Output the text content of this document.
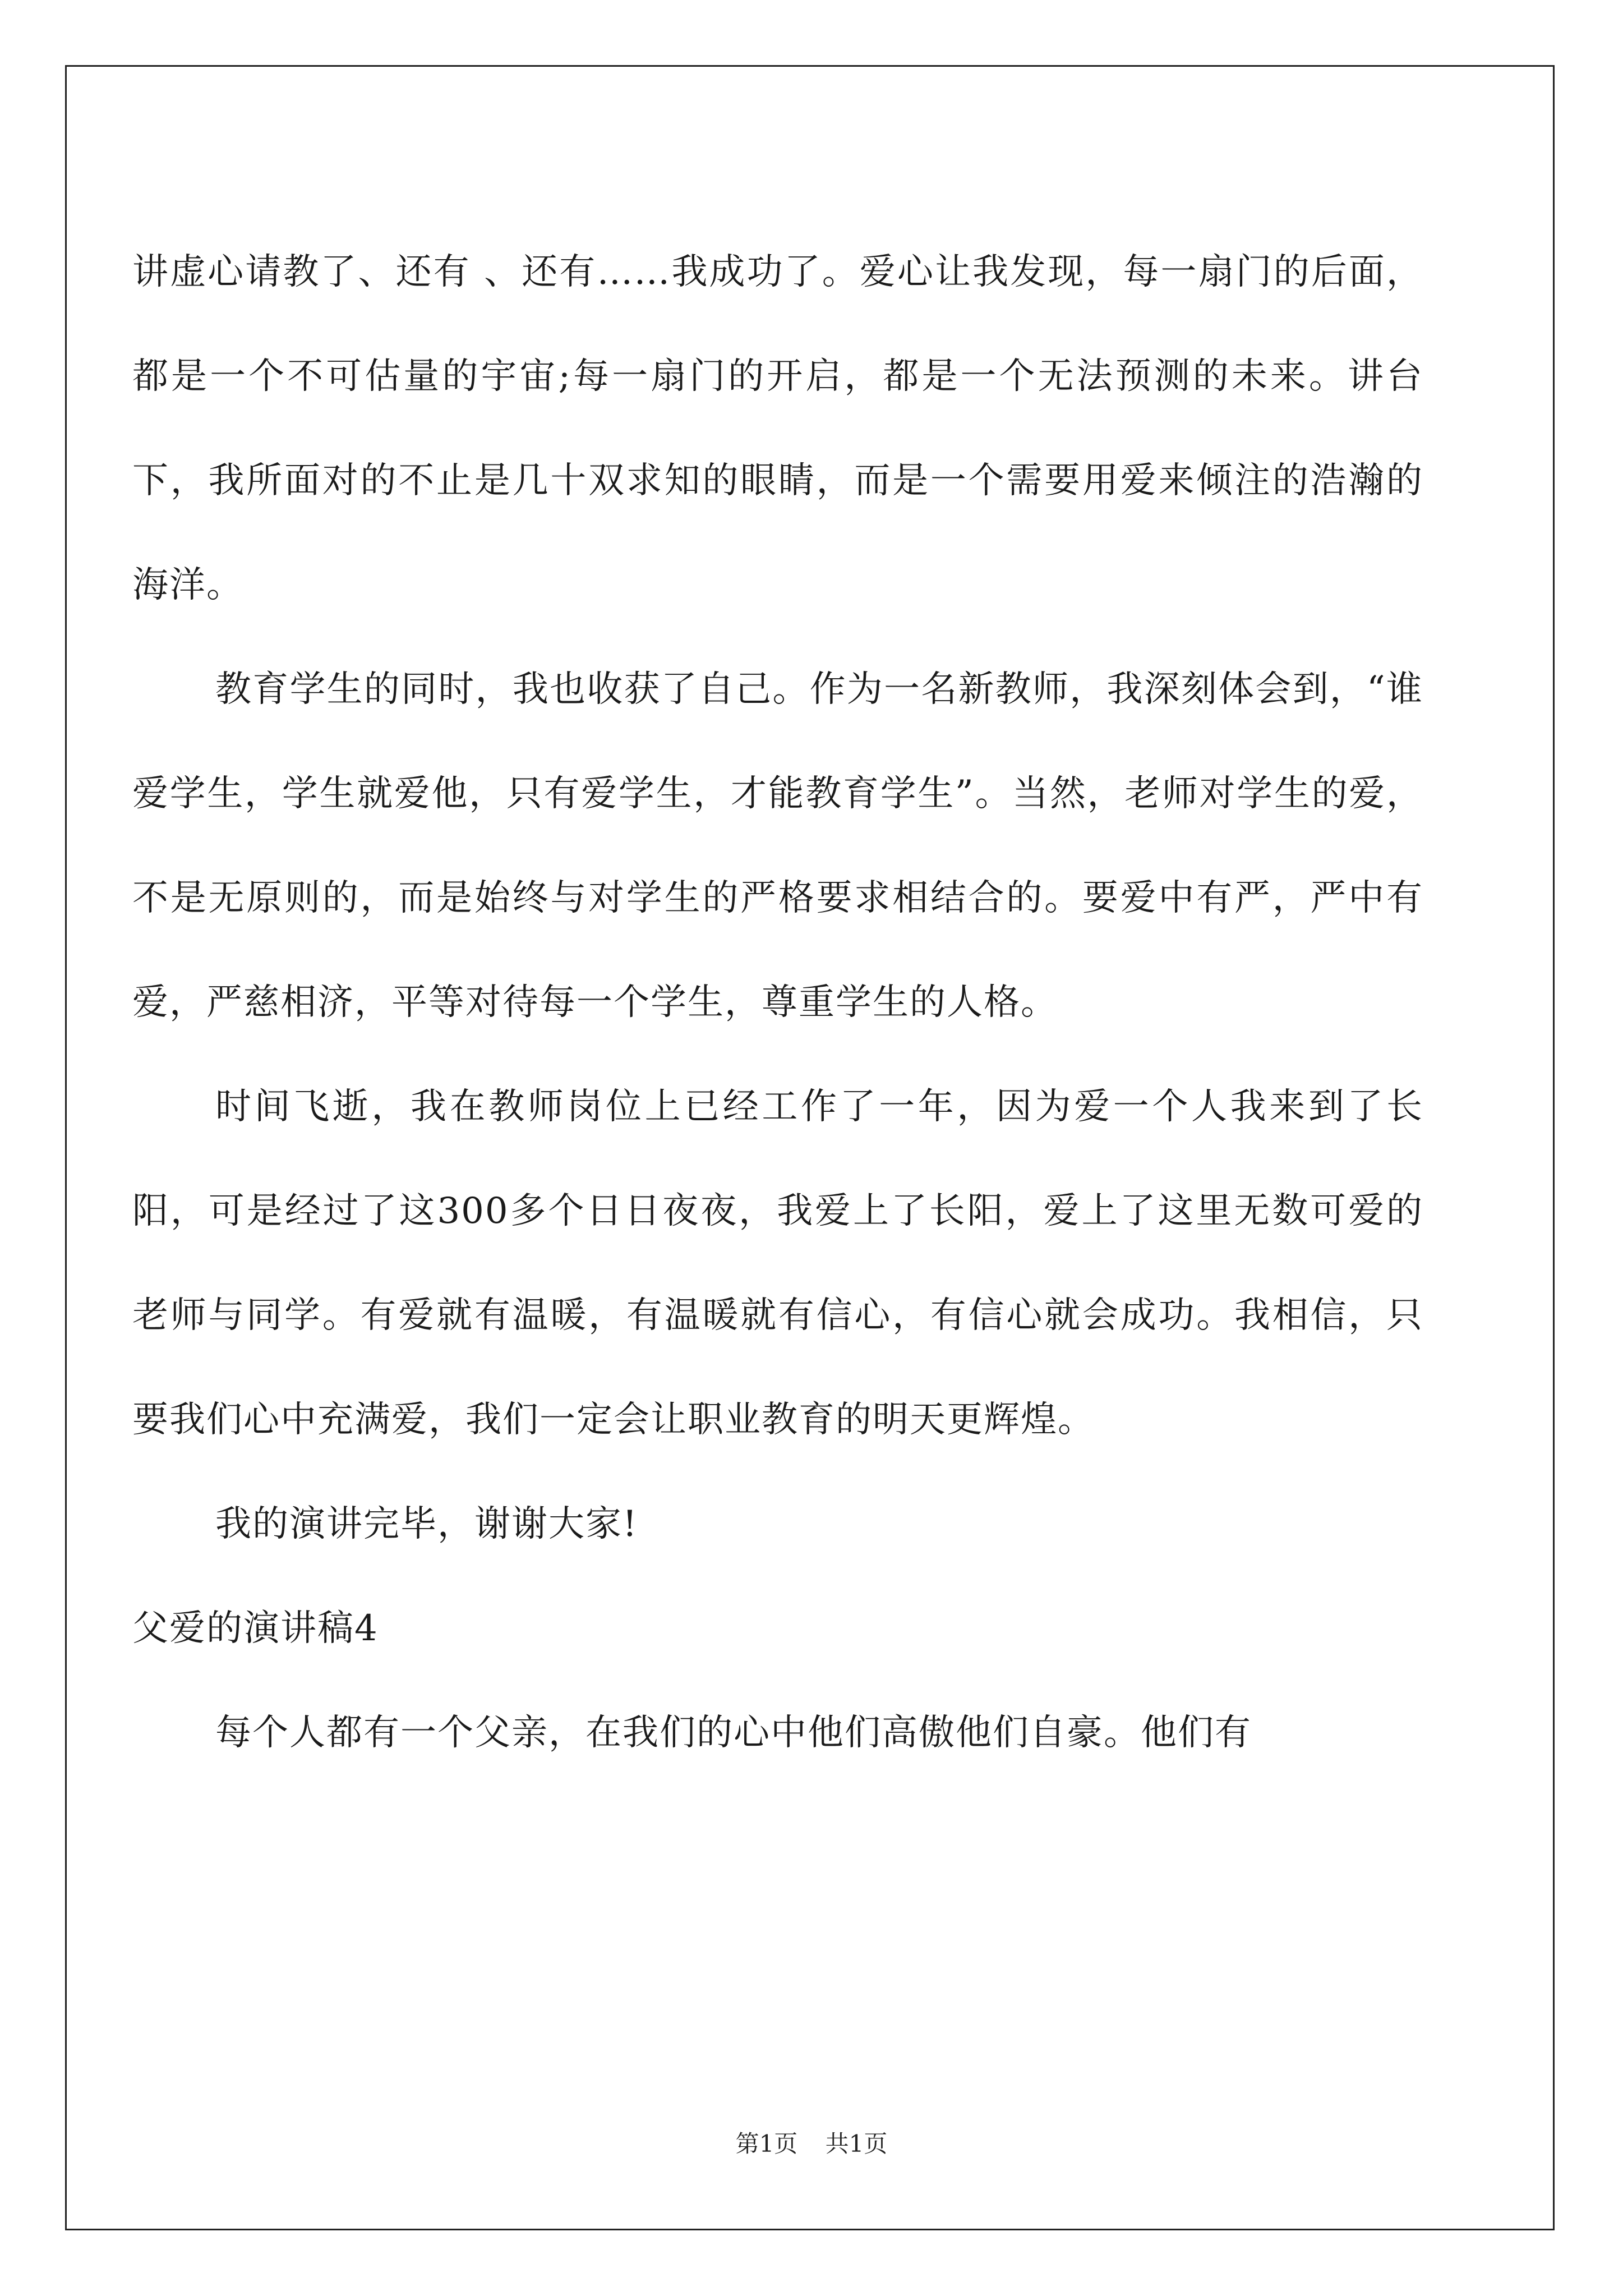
讲虚心请教了、还有 、还有……我成功了。爱心让我发现，每一扇门的后面，都是一个不可估量的宇宙;每一扇门的开启，都是一个无法预测的未来。讲台下，我所面对的不止是几十双求知的眼睛，而是一个需要用爱来倾注的浩瀚的海洋。

教育学生的同时，我也收获了自己。作为一名新教师，我深刻体会到，“谁爱学生，学生就爱他，只有爱学生，才能教育学生”。当然，老师对学生的爱，不是无原则的，而是始终与对学生的严格要求相结合的。要爱中有严，严中有爱，严慈相济，平等对待每一个学生，尊重学生的人格。

时间飞逝，我在教师岗位上已经工作了一年，因为爱一个人我来到了长阳，可是经过了这300多个日日夜夜，我爱上了长阳，爱上了这里无数可爱的老师与同学。有爱就有温暖，有温暖就有信心，有信心就会成功。我相信，只要我们心中充满爱，我们一定会让职业教育的明天更辉煌。

我的演讲完毕，谢谢大家!

父爱的演讲稿4

每个人都有一个父亲，在我们的心中他们高傲他们自豪。他们有

第1页 共1页
